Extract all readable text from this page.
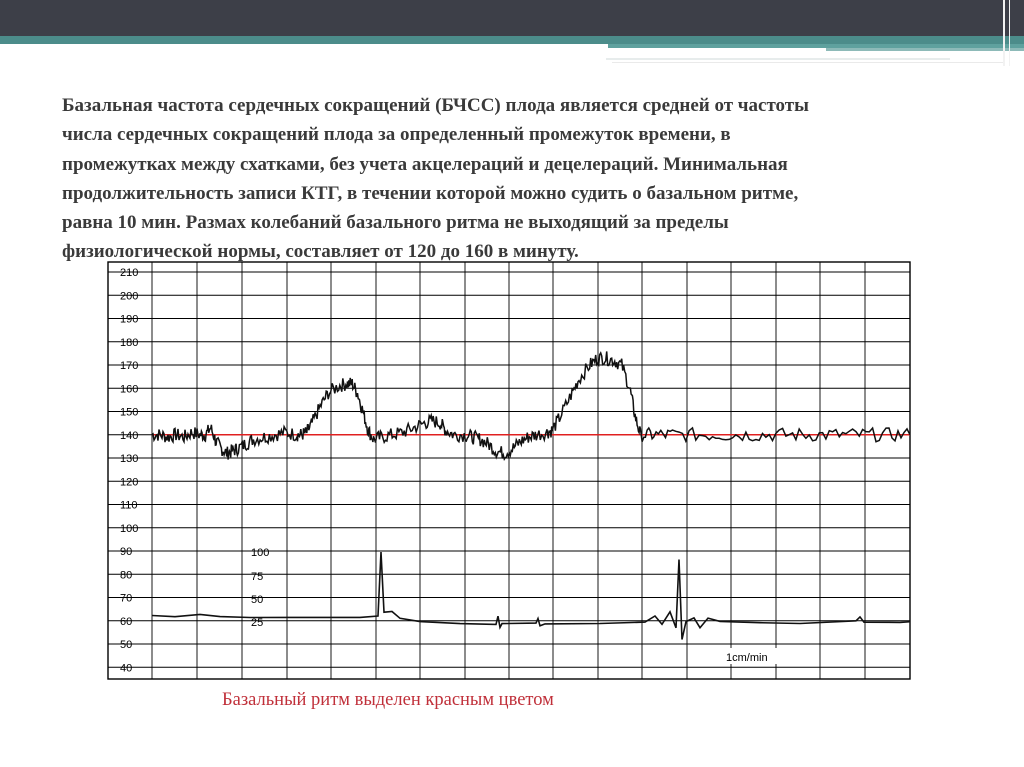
Базальная частота сердечных сокращений (БЧСС) плода является средней от частоты
числа сердечных сокращений плода за определенный промежуток времени, в
промежутках между схатками, без учета акцелераций и децелераций. Минимальная
продолжительность записи КТГ, в течении которой можно судить о базальном ритме,
равна 10 мин. Размах колебаний базального ритма не выходящий за пределы
физиологической нормы, составляет от 120 до 160 в минуту.
210
200
190
180
170
160
150
140
130
120
110
100
90
80
70
60
50
40
100
75
50
25
1cm/min
Базальный ритм выделен красным цветом
